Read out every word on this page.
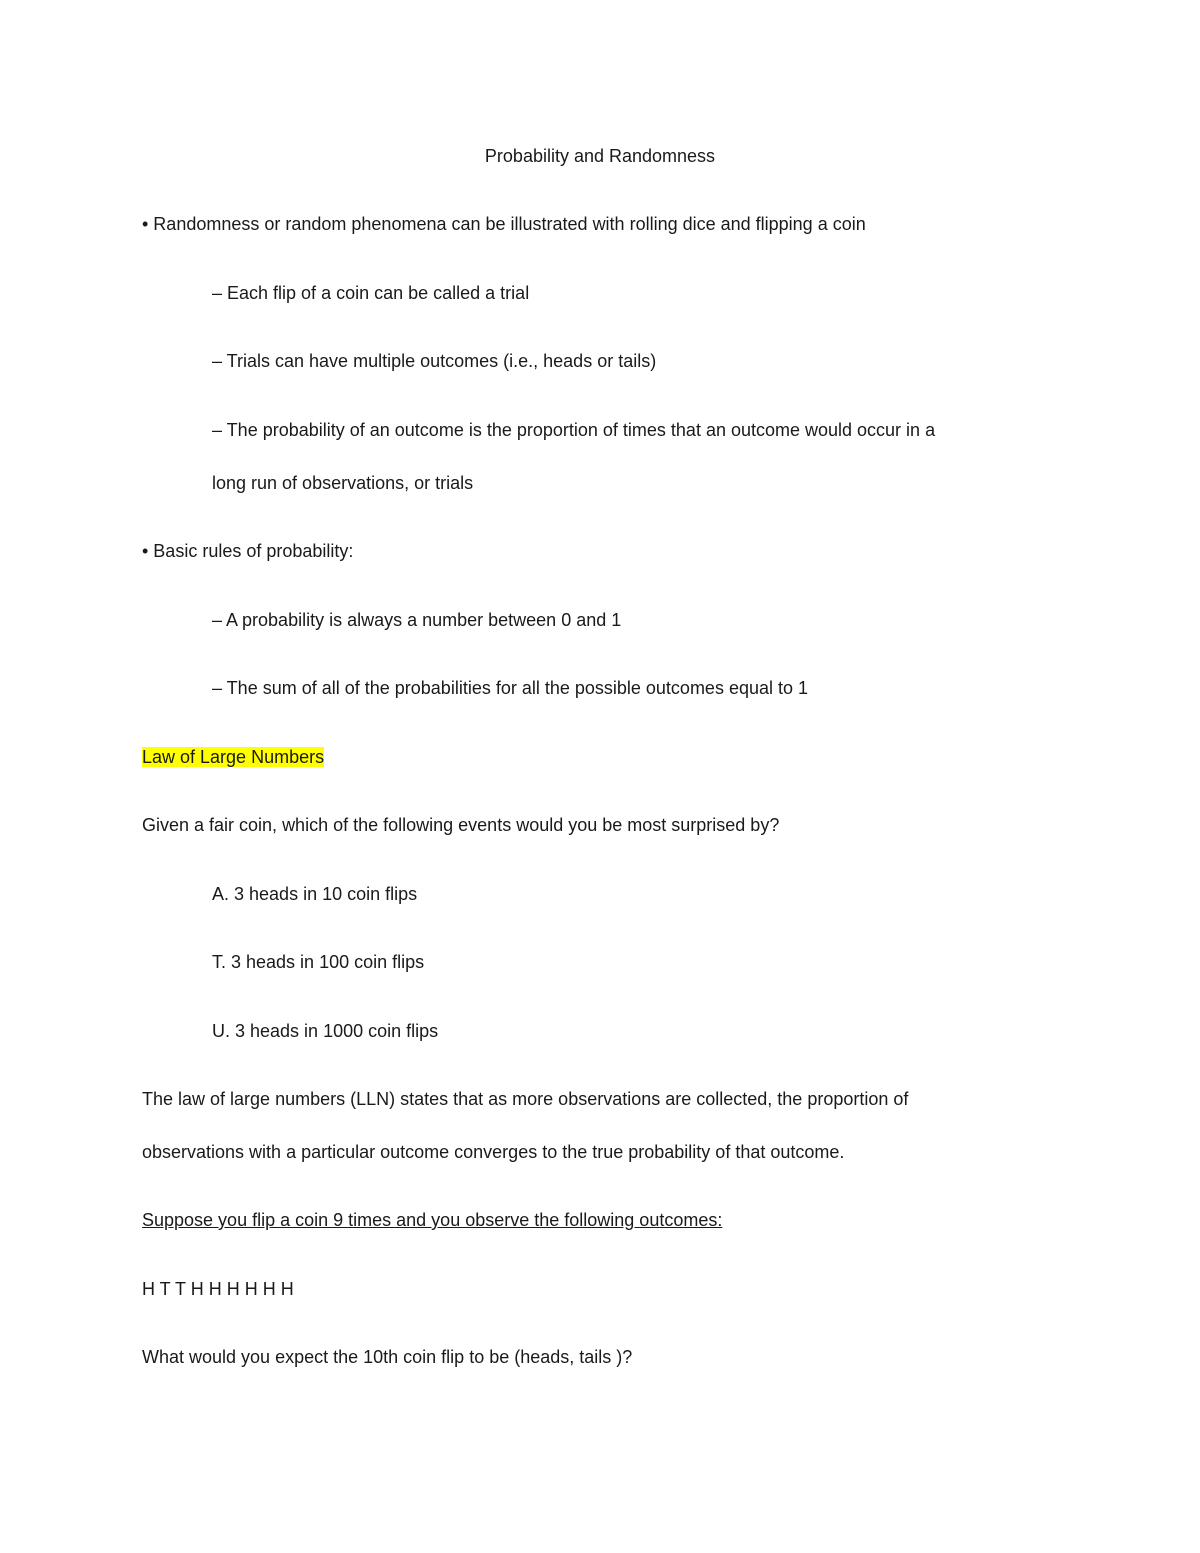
Probability and Randomness
• Randomness or random phenomena can be illustrated with rolling dice and flipping a coin
– Each flip of a coin can be called a trial
– Trials can have multiple outcomes (i.e., heads or tails)
– The probability of an outcome is the proportion of times that an outcome would occur in a
long run of observations, or trials
• Basic rules of probability:
– A probability is always a number between 0 and 1
– The sum of all of the probabilities for all the possible outcomes equal to 1
Law of Large Numbers
Given a fair coin, which of the following events would you be most surprised by?
A. 3 heads in 10 coin flips
T. 3 heads in 100 coin flips
U. 3 heads in 1000 coin flips
The law of large numbers (LLN) states that as more observations are collected, the proportion of
observations with a particular outcome converges to the true probability of that outcome.
Suppose you flip a coin 9 times and you observe the following outcomes:
H T T H H H H H H
What would you expect the 10th coin flip to be (heads, tails )?
